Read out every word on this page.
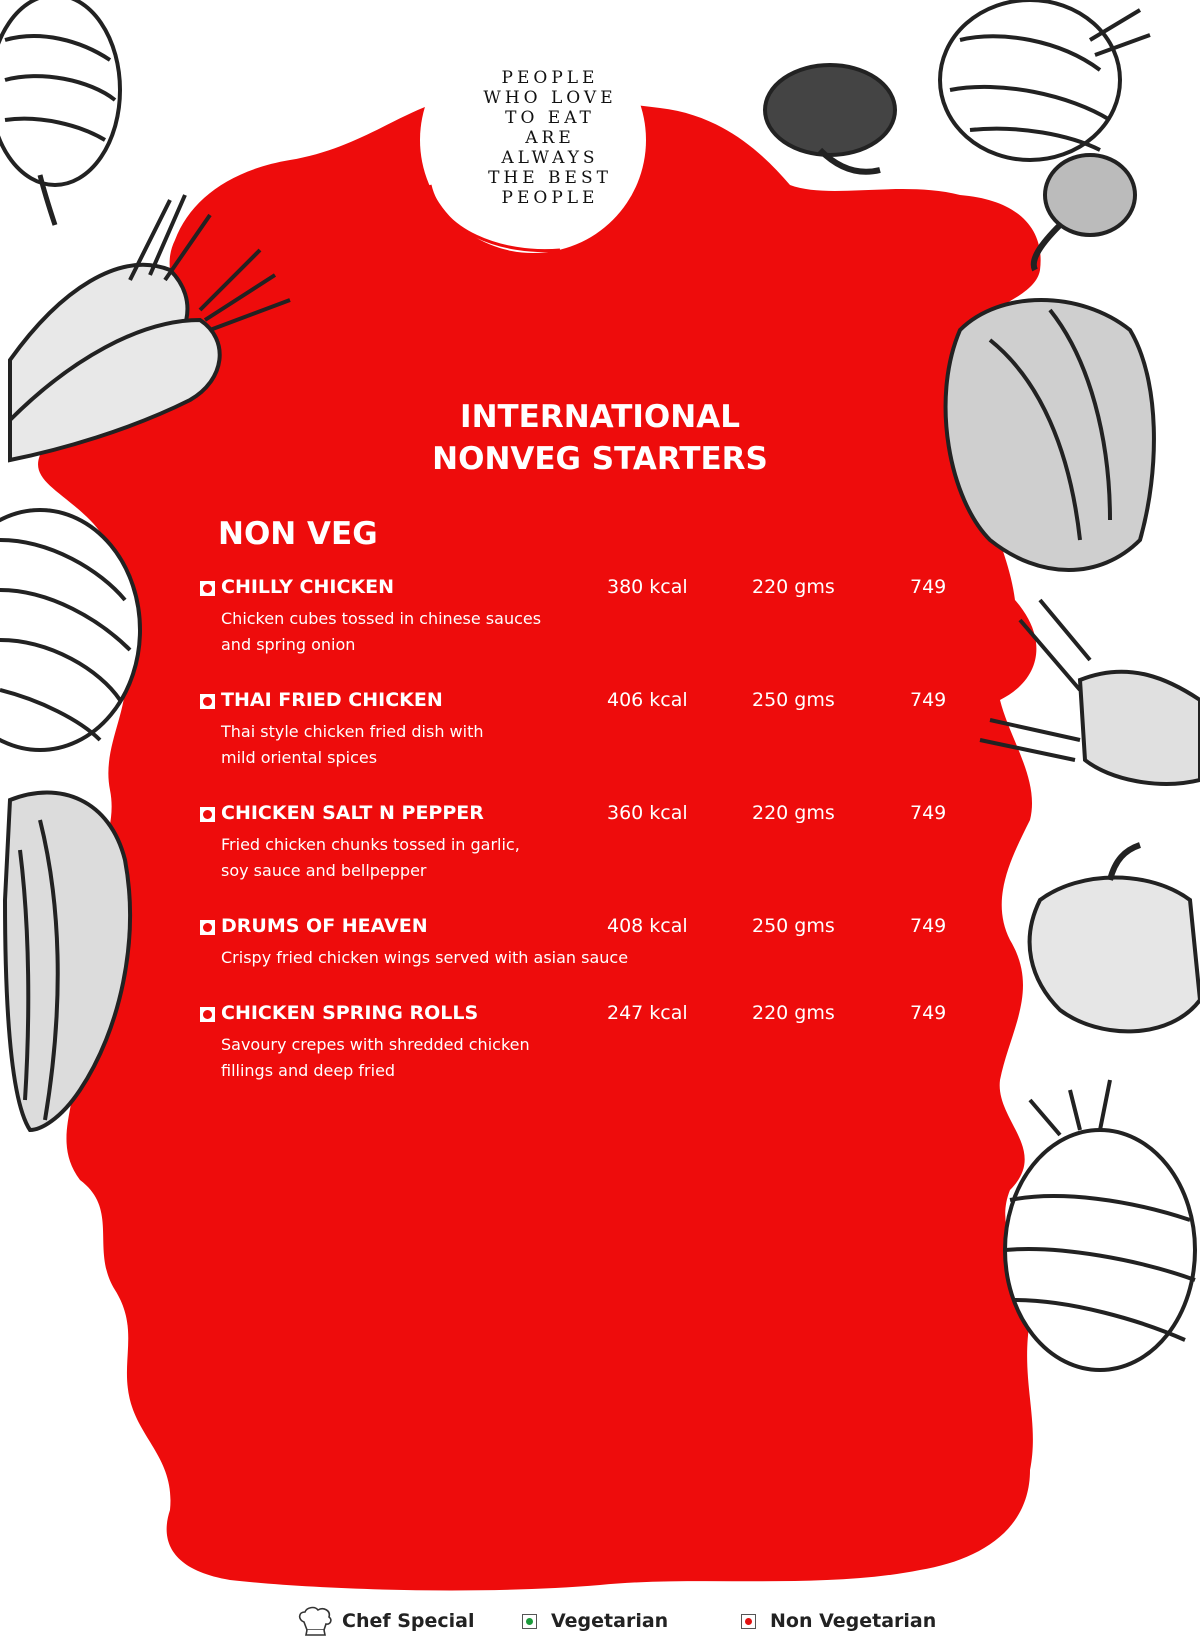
PEOPLE
WHO LOVE
TO EAT
ARE
ALWAYS
THE BEST
PEOPLE
INTERNATIONAL
NONVEG STARTERS
NON VEG
CHILLY CHICKEN	380 kcal	220 gms	749
Chicken cubes tossed in chinese sauces
and spring onion
THAI FRIED CHICKEN	406 kcal	250 gms	749
Thai style chicken fried dish with
mild oriental spices
CHICKEN SALT N PEPPER	360 kcal	220 gms	749
Fried chicken chunks tossed in garlic,
soy sauce and bellpepper
DRUMS OF HEAVEN	408 kcal	250 gms	749
Crispy fried chicken wings served with asian sauce
CHICKEN SPRING ROLLS	247 kcal	220 gms	749
Savoury crepes with shredded chicken
fillings and deep fried
Chef Special	Vegetarian	Non Vegetarian
